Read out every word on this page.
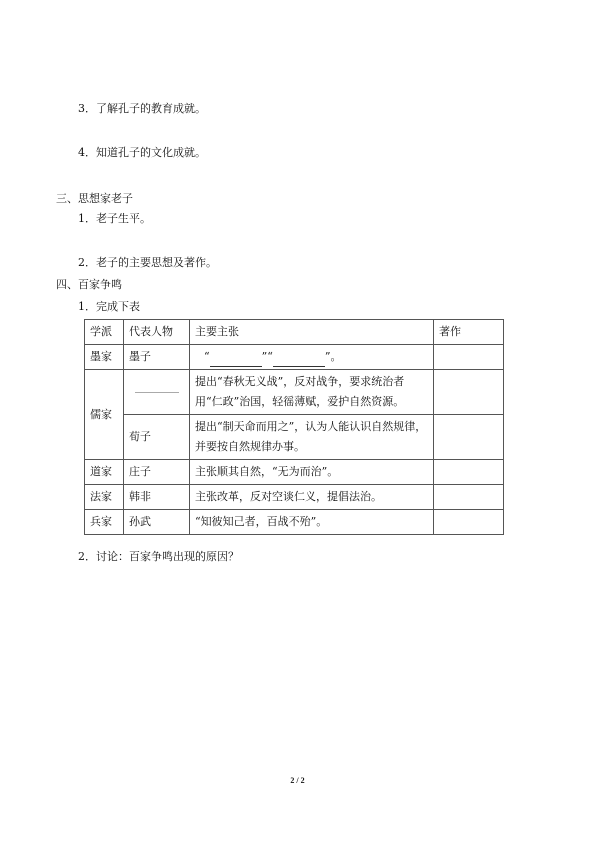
3．了解孔子的教育成就。
4．知道孔子的文化成就。
三、思想家老子
1．老子生平。
2．老子的主要思想及著作。
四、百家争鸣
1．完成下表
学派	代表人物	主要主张	著作
墨家	墨子	“ ”“ ”。	
儒家		提出“春秋无义战”，反对战争，要求统治者用“仁政”治国，轻徭薄赋，爱护自然资源。	
	荀子	提出“制天命而用之”，认为人能认识自然规律，并要按自然规律办事。	
道家	庄子	主张顺其自然，“无为而治”。	
法家	韩非	主张改革，反对空谈仁义，提倡法治。	
兵家	孙武	“知彼知己者，百战不殆”。	
2．讨论：百家争鸣出现的原因？
2 / 2
